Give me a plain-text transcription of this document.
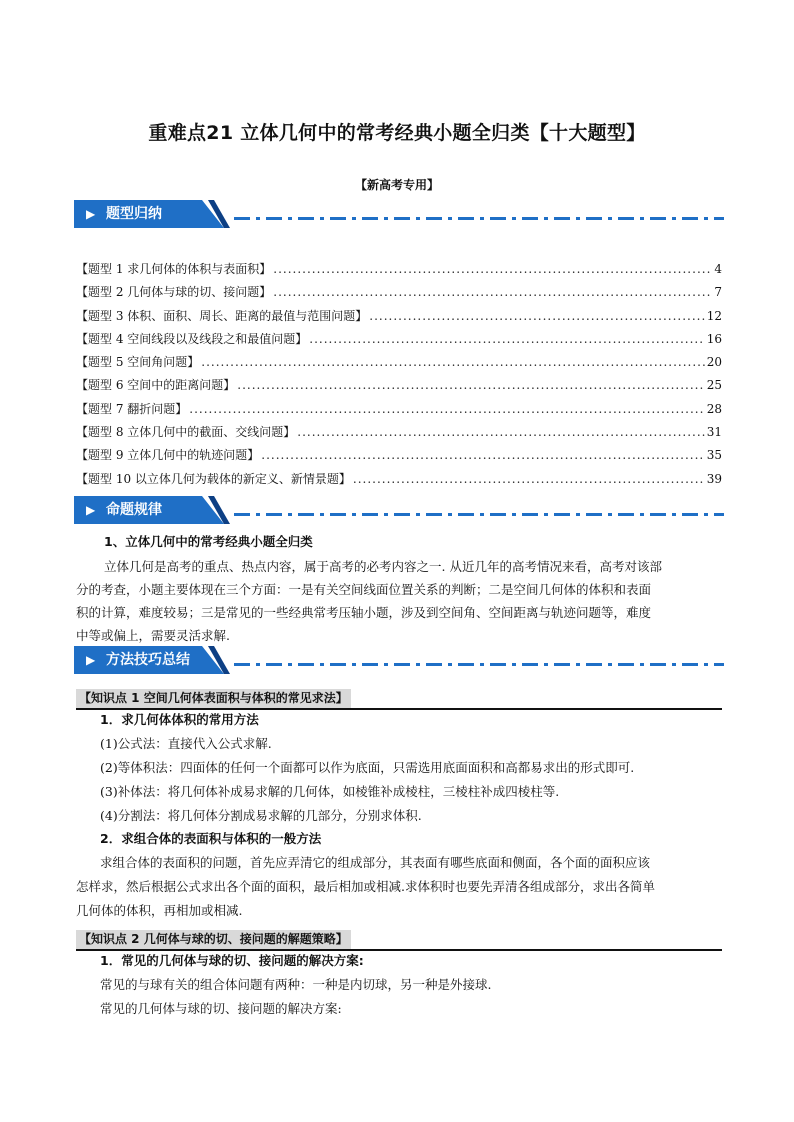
重难点21 立体几何中的常考经典小题全归类【十大题型】
【新高考专用】
▶ 题型归纳
【题型 1 求几何体的体积与表面积】 .....	4
【题型 2 几何体与球的切、接问题】 .....	7
【题型 3 体积、面积、周长、距离的最值与范围问题】 .....	12
【题型 4 空间线段以及线段之和最值问题】 .....	16
【题型 5 空间角问题】 .....	20
【题型 6 空间中的距离问题】 .....	25
【题型 7 翻折问题】 .....	28
【题型 8 立体几何中的截面、交线问题】 .....	31
【题型 9 立体几何中的轨迹问题】 .....	35
【题型 10 以立体几何为载体的新定义、新情景题】 .....	39
▶ 命题规律
1、立体几何中的常考经典小题全归类
立体几何是高考的重点、热点内容，属于高考的必考内容之一. 从近几年的高考情况来看，高考对该部
分的考查，小题主要体现在三个方面：一是有关空间线面位置关系的判断；二是空间几何体的体积和表面
积的计算，难度较易；三是常见的一些经典常考压轴小题，涉及到空间角、空间距离与轨迹问题等，难度
中等或偏上，需要灵活求解.
▶ 方法技巧总结
【知识点 1 空间几何体表面积与体积的常见求法】
1．求几何体体积的常用方法
(1)公式法：直接代入公式求解.
(2)等体积法：四面体的任何一个面都可以作为底面，只需选用底面面积和高都易求出的形式即可.
(3)补体法：将几何体补成易求解的几何体，如棱锥补成棱柱，三棱柱补成四棱柱等.
(4)分割法：将几何体分割成易求解的几部分，分别求体积.
2．求组合体的表面积与体积的一般方法
求组合体的表面积的问题，首先应弄清它的组成部分，其表面有哪些底面和侧面，各个面的面积应该
怎样求，然后根据公式求出各个面的面积，最后相加或相减.求体积时也要先弄清各组成部分，求出各简单
几何体的体积，再相加或相减.
【知识点 2 几何体与球的切、接问题的解题策略】
1．常见的几何体与球的切、接问题的解决方案:
常见的与球有关的组合体问题有两种：一种是内切球，另一种是外接球.
常见的几何体与球的切、接问题的解决方案:
